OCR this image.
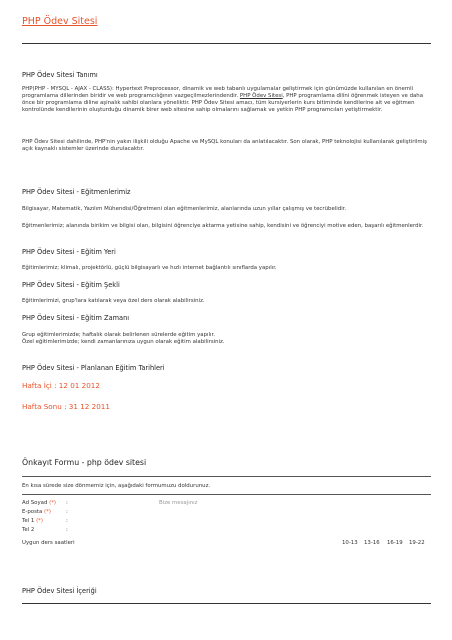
PHP Ödev Sitesi
PHP Ödev Sitesi Tanımı
PHP(PHP - MYSQL - AJAX - CLASS): Hypertext Preprocessor, dinamik ve web tabanlı uygulamalar geliştirmek için günümüzde kullanılan en önemli programlama dillerinden biridir ve web programcılığının vazgeçilmezlerindendir. PHP Ödev Sitesi, PHP programlama dilini öğrenmek isteyen ve daha önce bir programlama diline aşinalık sahibi olanlara yöneliktir. PHP Ödev Sitesi amacı, tüm kursiyerlerin kurs bitiminde kendilerine ait ve eğitmen kontrolünde kendilerinin oluşturduğu dinamik birer web sitesine sahip olmalarını sağlamak ve yetkin PHP programcıları yetiştirmektir.
PHP Ödev Sitesi dahilinde, PHP'nin yakın ilişkili olduğu Apache ve MySQL konuları da anlatılacaktır. Son olarak, PHP teknolojisi kullanılarak geliştirilmiş açık kaynaklı sistemler üzerinde durulacaktır.
PHP Ödev Sitesi - Eğitmenlerimiz
Bilgisayar, Matematik, Yazılım Mühendisi/Öğretmeni olan eğitmenlerimiz, alanlarında uzun yıllar çalışmış ve tecrübelidir.
Eğitmenlerimiz; alanında birikim ve bilgisi olan, bilgisini öğrenciye aktarma yetisine sahip, kendisini ve öğrenciyi motive eden, başarılı eğitmenlerdir.
PHP Ödev Sitesi - Eğitim Yeri
Eğitimlerimiz; klimalı, projektörlü, güçlü bilgisayarlı ve hızlı internet bağlantılı sınıflarda yapılır.
PHP Ödev Sitesi - Eğitim Şekli
Eğitimlerimizi, grup'lara katılarak veya özel ders olarak alabilirsiniz.
PHP Ödev Sitesi - Eğitim Zamanı
Grup eğitimlerimizde; haftalık olarak belirlenen sürelerde eğitim yapılır.
Özel eğitimlerimizde; kendi zamanlarınıza uygun olarak eğitim alabilirsiniz.
PHP Ödev Sitesi - Planlanan Eğitim Tarihleri
Hafta İçi : 12 01 2012
Hafta Sonu : 31 12 2011
Önkayıt Formu - php ödev sitesi
En kısa sürede size dönmemiz için, aşağıdaki formumuzu doldurunuz.
Ad Soyad (*) :
E-posta (*)	:
Tel 1 (*)	:
Tel 2	:
Bize mesajınız
Uygun ders saatleri	10-13 13-16 16-19 19-22
PHP Ödev Sitesi İçeriği
